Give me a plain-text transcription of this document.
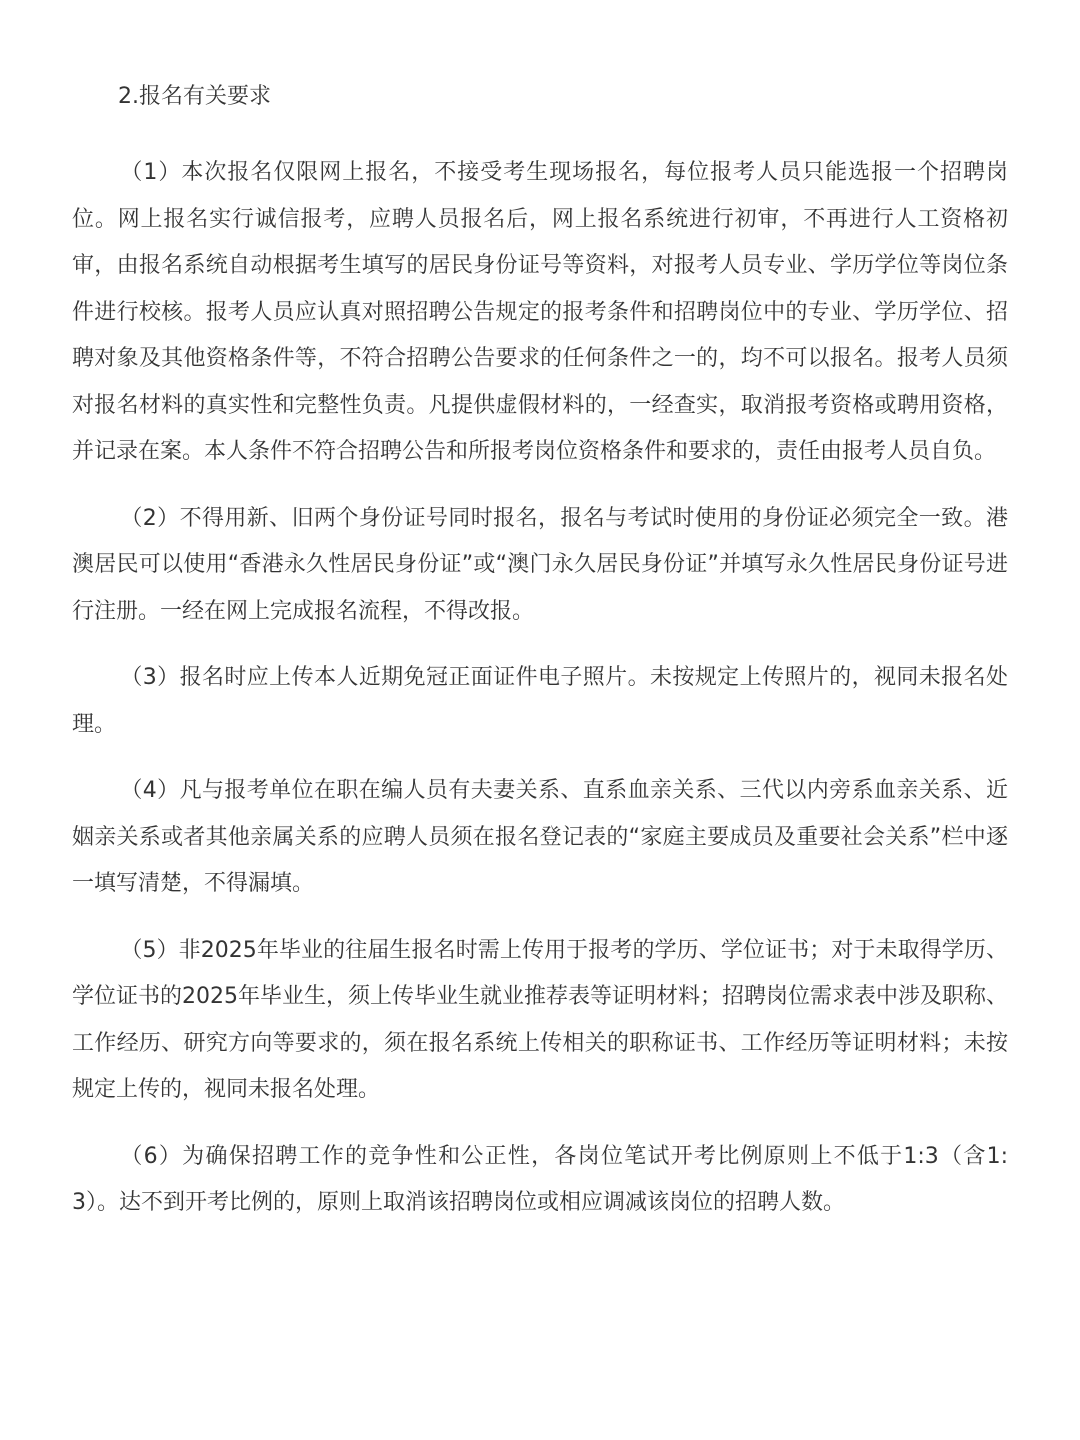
2.报名有关要求

（1）本次报名仅限网上报名，不接受考生现场报名，每位报考人员只能选报一个招聘岗位。网上报名实行诚信报考，应聘人员报名后，网上报名系统进行初审，不再进行人工资格初审，由报名系统自动根据考生填写的居民身份证号等资料，对报考人员专业、学历学位等岗位条件进行校核。报考人员应认真对照招聘公告规定的报考条件和招聘岗位中的专业、学历学位、招聘对象及其他资格条件等，不符合招聘公告要求的任何条件之一的，均不可以报名。报考人员须对报名材料的真实性和完整性负责。凡提供虚假材料的，一经查实，取消报考资格或聘用资格，并记录在案。本人条件不符合招聘公告和所报考岗位资格条件和要求的，责任由报考人员自负。

（2）不得用新、旧两个身份证号同时报名，报名与考试时使用的身份证必须完全一致。港澳居民可以使用“香港永久性居民身份证”或“澳门永久居民身份证”并填写永久性居民身份证号进行注册。一经在网上完成报名流程，不得改报。

（3）报名时应上传本人近期免冠正面证件电子照片。未按规定上传照片的，视同未报名处理。

（4）凡与报考单位在职在编人员有夫妻关系、直系血亲关系、三代以内旁系血亲关系、近姻亲关系或者其他亲属关系的应聘人员须在报名登记表的“家庭主要成员及重要社会关系”栏中逐一填写清楚，不得漏填。

（5）非2025年毕业的往届生报名时需上传用于报考的学历、学位证书；对于未取得学历、学位证书的2025年毕业生，须上传毕业生就业推荐表等证明材料；招聘岗位需求表中涉及职称、工作经历、研究方向等要求的，须在报名系统上传相关的职称证书、工作经历等证明材料；未按规定上传的，视同未报名处理。

（6）为确保招聘工作的竞争性和公正性，各岗位笔试开考比例原则上不低于1:3（含1:3）。达不到开考比例的，原则上取消该招聘岗位或相应调减该岗位的招聘人数。
